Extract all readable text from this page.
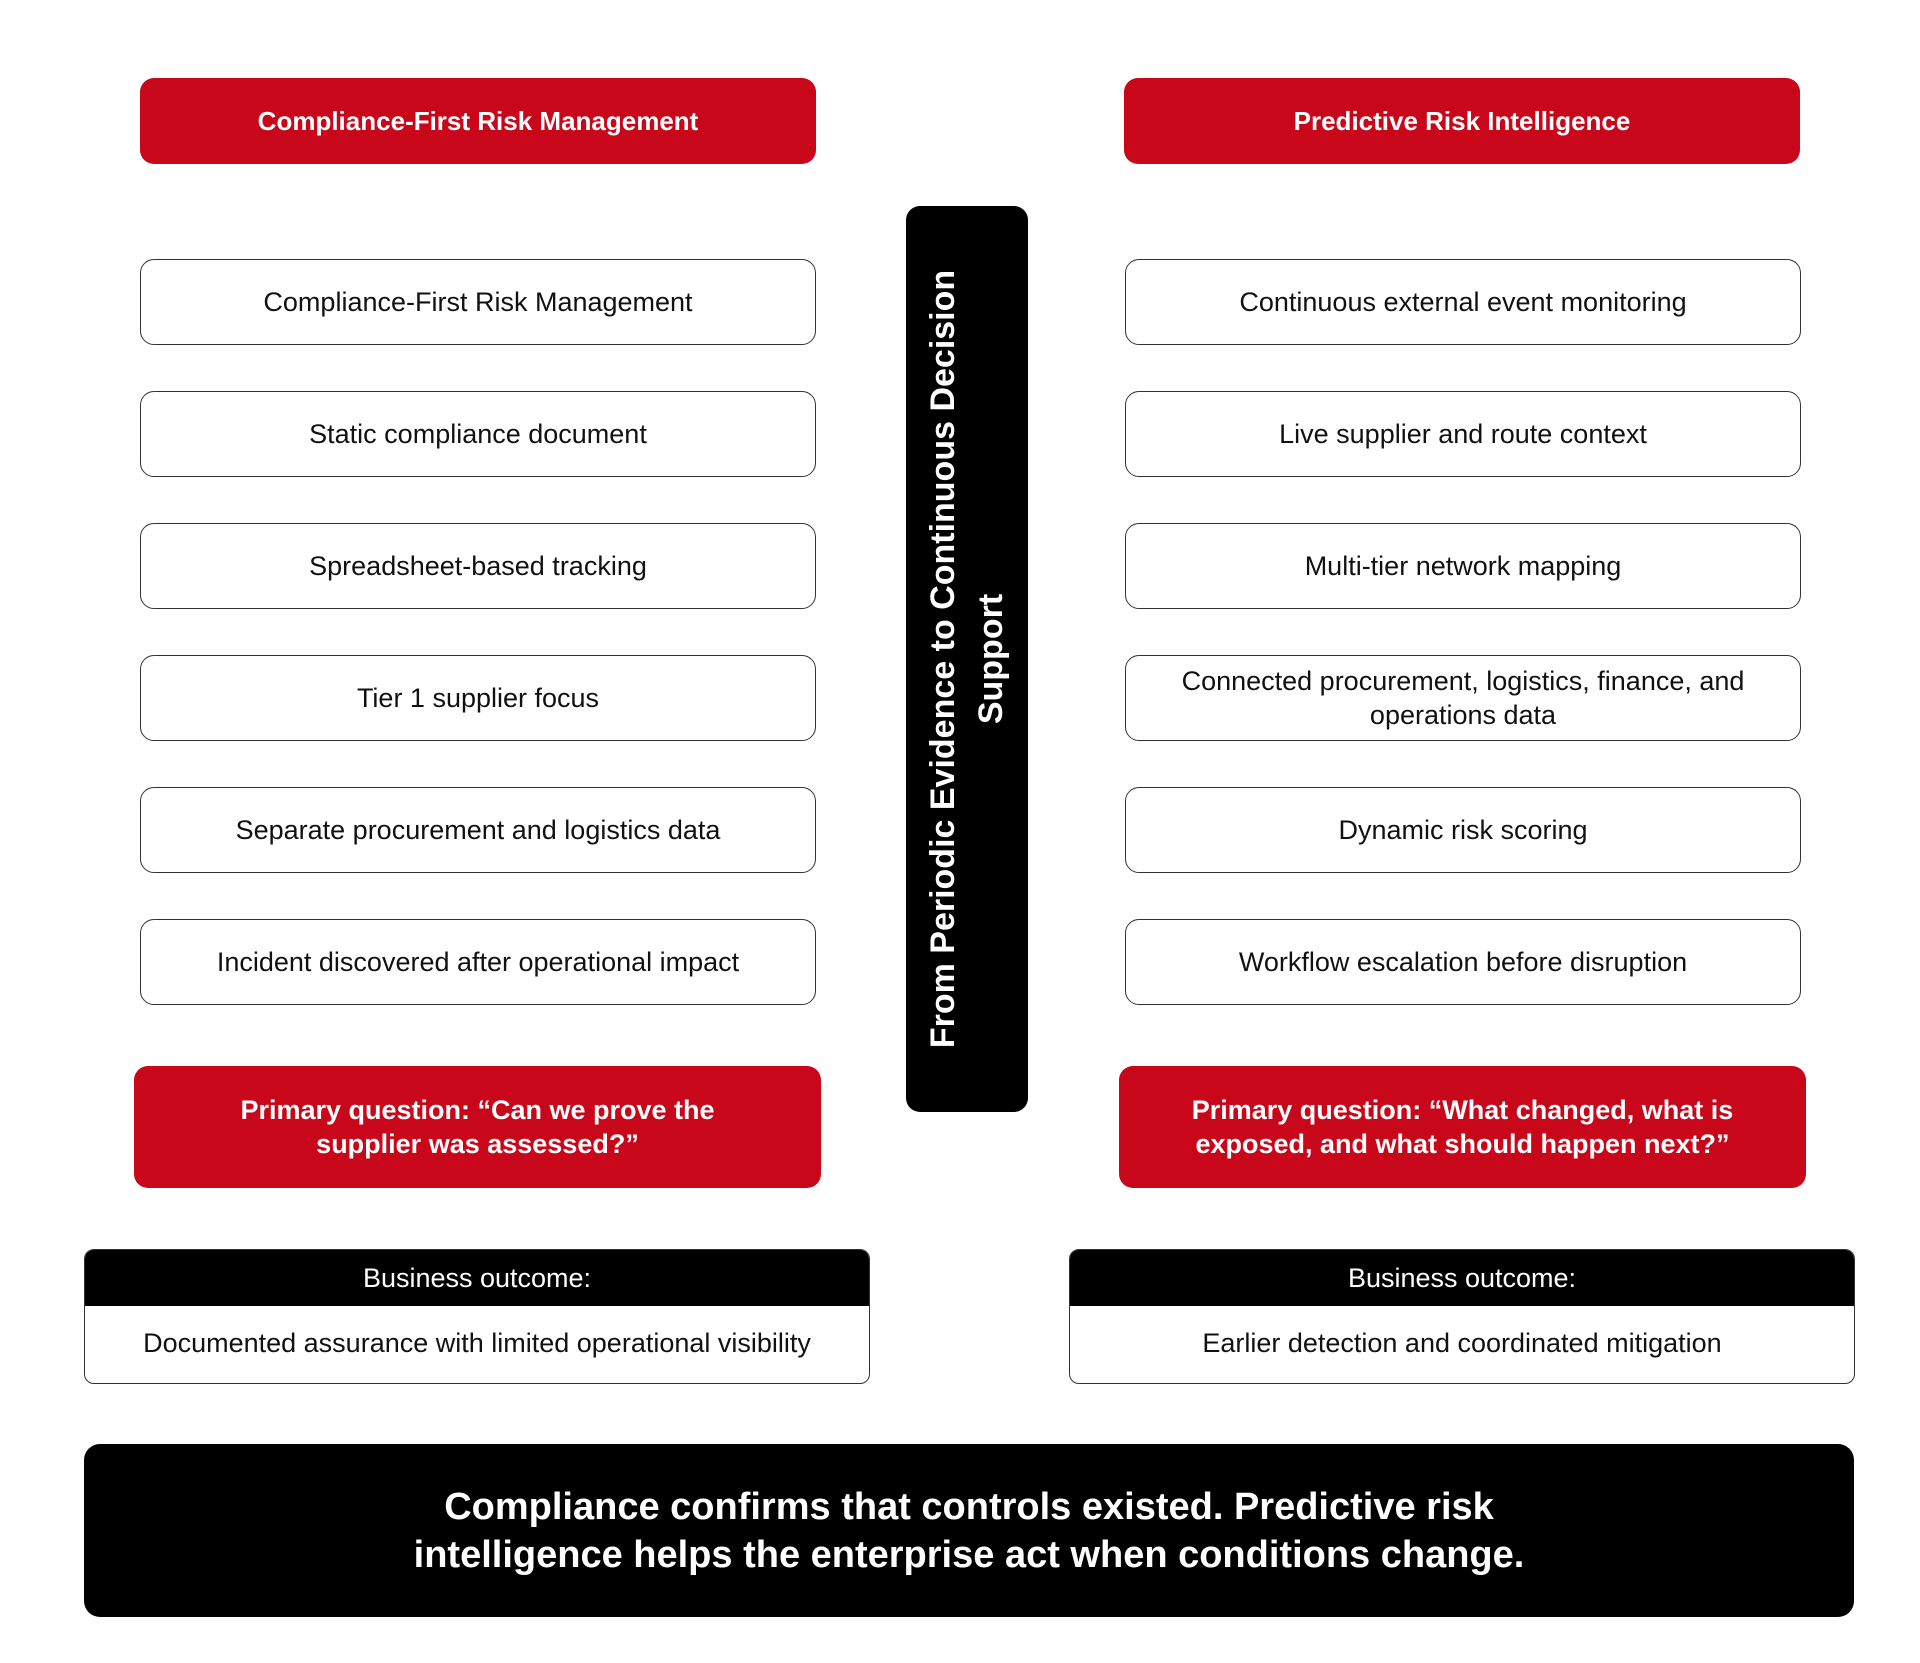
Compliance-First Risk Management
Compliance-First Risk Management
Static compliance document
Spreadsheet-based tracking
Tier 1 supplier focus
Separate procurement and logistics data
Incident discovered after operational impact
Primary question: “Can we prove the supplier was assessed?”
Business outcome:
Documented assurance with limited operational visibility
From Periodic Evidence to Continuous Decision Support
Predictive Risk Intelligence
Continuous external event monitoring
Live supplier and route context
Multi-tier network mapping
Connected procurement, logistics, finance, and operations data
Dynamic risk scoring
Workflow escalation before disruption
Primary question: “What changed, what is exposed, and what should happen next?”
Business outcome:
Earlier detection and coordinated mitigation
Compliance confirms that controls existed. Predictive risk intelligence helps the enterprise act when conditions change.
